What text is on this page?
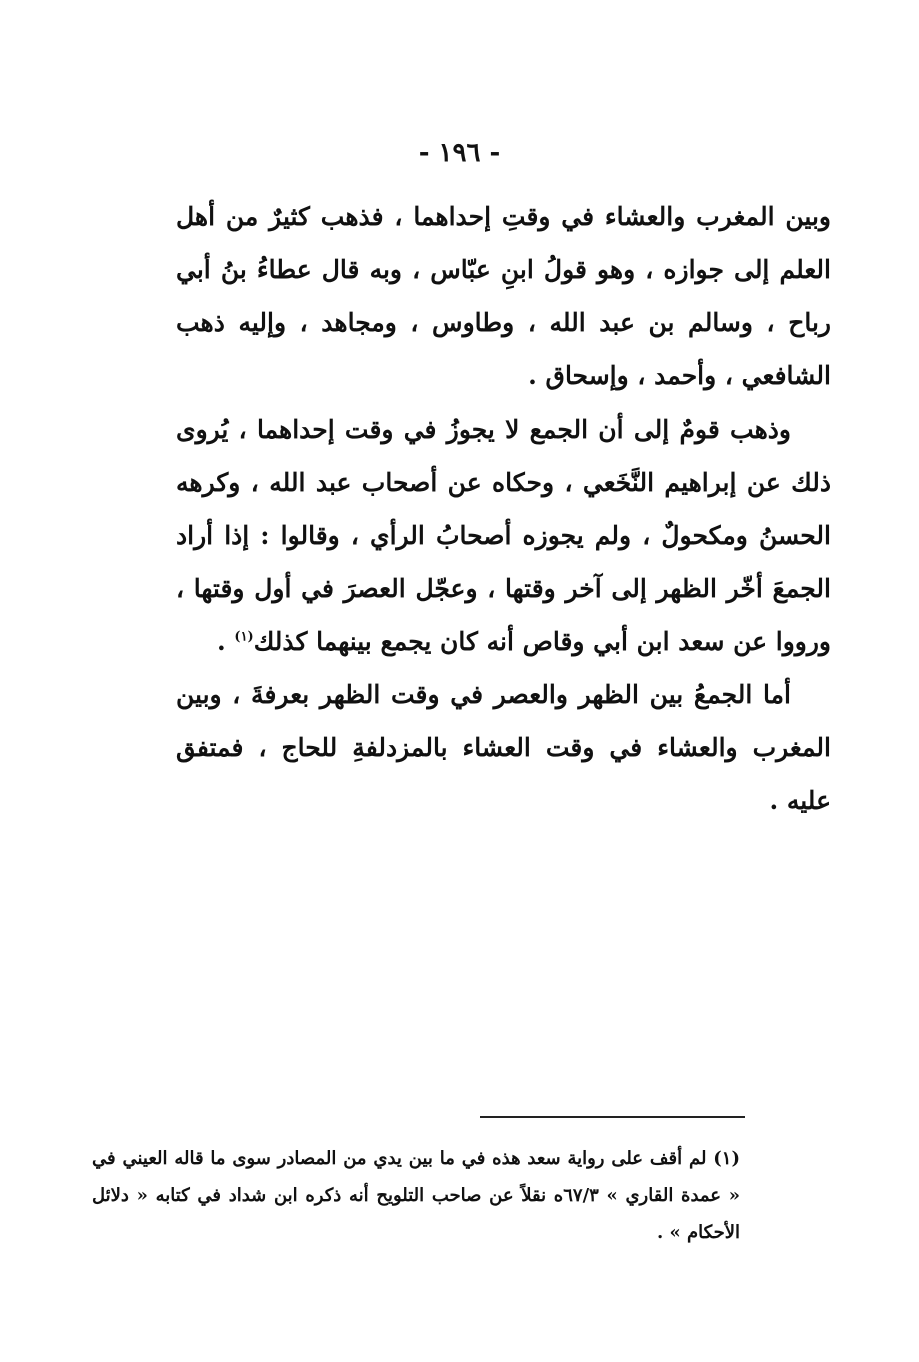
- ١٩٦ -

وبين المغرب والعشاء في وقتِ إحداهما ، فذهب كثيرٌ من أهل العلم إلى جوازه ، وهو قولُ ابنِ عبّاس ، وبه قال عطاءُ بنُ أبي رباح ، وسالم بن عبد الله ، وطاوس ، ومجاهد ، وإليه ذهب الشافعي ، وأحمد ، وإسحاق .

وذهب قومٌ إلى أن الجمع لا يجوزُ في وقت إحداهما ، يُروى ذلك عن إبراهيم النَّخَعي ، وحكاه عن أصحاب عبد الله ، وكرهه الحسنُ ومكحولٌ ، ولم يجوزه أصحابُ الرأي ، وقالوا : إذا أراد الجمعَ أخّر الظهر إلى آخر وقتها ، وعجّل العصرَ في أول وقتها ، ورووا عن سعد ابن أبي وقاص أنه كان يجمع بينهما كذلك$^{(١)}$ .

أما الجمعُ بين الظهر والعصر في وقت الظهر بعرفةَ ، وبين المغرب والعشاء في وقت العشاء بالمزدلفةِ للحاج ، فمتفق عليه .

(١) لم أقف على رواية سعد هذه في ما بين يدي من المصادر سوى ما قاله العيني في « عمدة القاري » ٦٧/٣ه نقلاً عن صاحب التلويح أنه ذكره ابن شداد في كتابه « دلائل الأحكام » .
